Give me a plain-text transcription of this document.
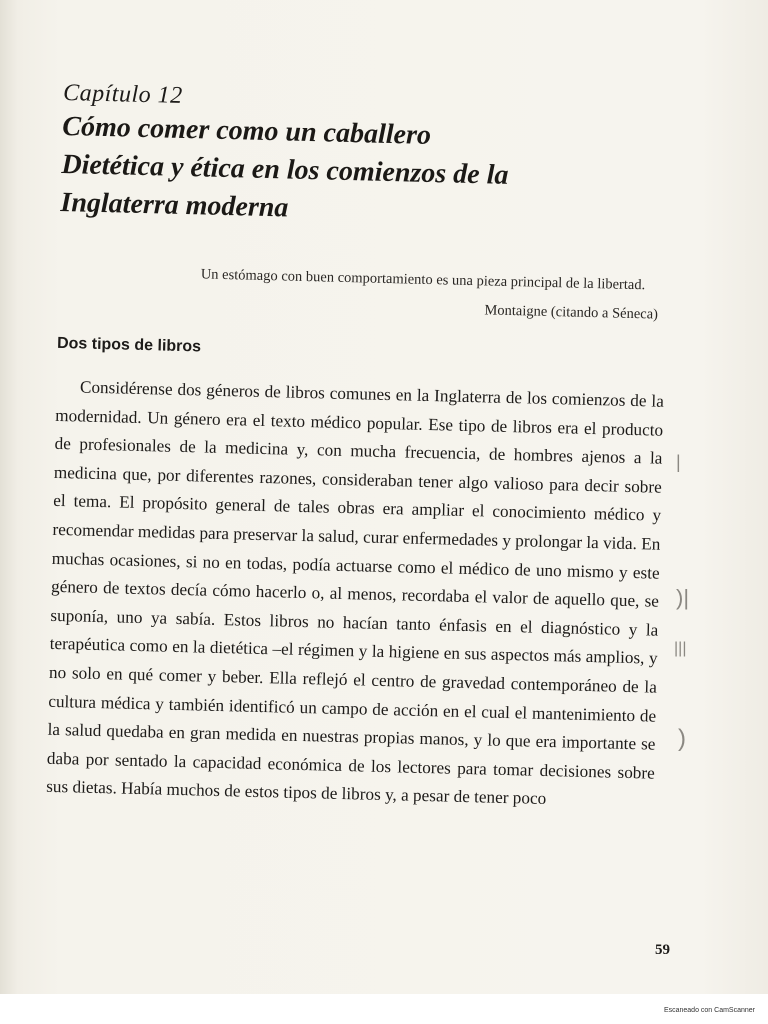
Capítulo 12
Cómo comer como un caballero
Dietética y ética en los comienzos de la
Inglaterra moderna
Un estómago con buen comportamiento es una pieza principal de la libertad.
Montaigne (citando a Séneca)
Dos tipos de libros

Considérense dos géneros de libros comunes en la Inglaterra de los comienzos de la modernidad. Un género era el texto médico popular. Ese tipo de libros era el producto de profesionales de la medicina y, con mucha frecuencia, de hombres ajenos a la medicina que, por diferentes razones, consideraban tener algo valioso para decir sobre el tema. El propósito general de tales obras era ampliar el conocimiento médico y recomendar medidas para preservar la salud, curar enfermedades y prolongar la vida. En muchas ocasiones, si no en todas, podía actuarse como el médico de uno mismo y este género de textos decía cómo hacerlo o, al menos, recordaba el valor de aquello que, se suponía, uno ya sabía. Estos libros no hacían tanto énfasis en el diagnóstico y la terapéutica como en la dietética –el régimen y la higiene en sus aspectos más amplios, y no solo en qué comer y beber. Ella reflejó el centro de gravedad contemporáneo de la cultura médica y también identificó un campo de acción en el cual el mantenimiento de la salud quedaba en gran medida en nuestras propias manos, y lo que era importante se daba por sentado la capacidad económica de los lectores para tomar decisiones sobre sus dietas. Había muchos de estos tipos de libros y, a pesar de tener poco

|
)|
|||
)
59
Escaneado con CamScanner
